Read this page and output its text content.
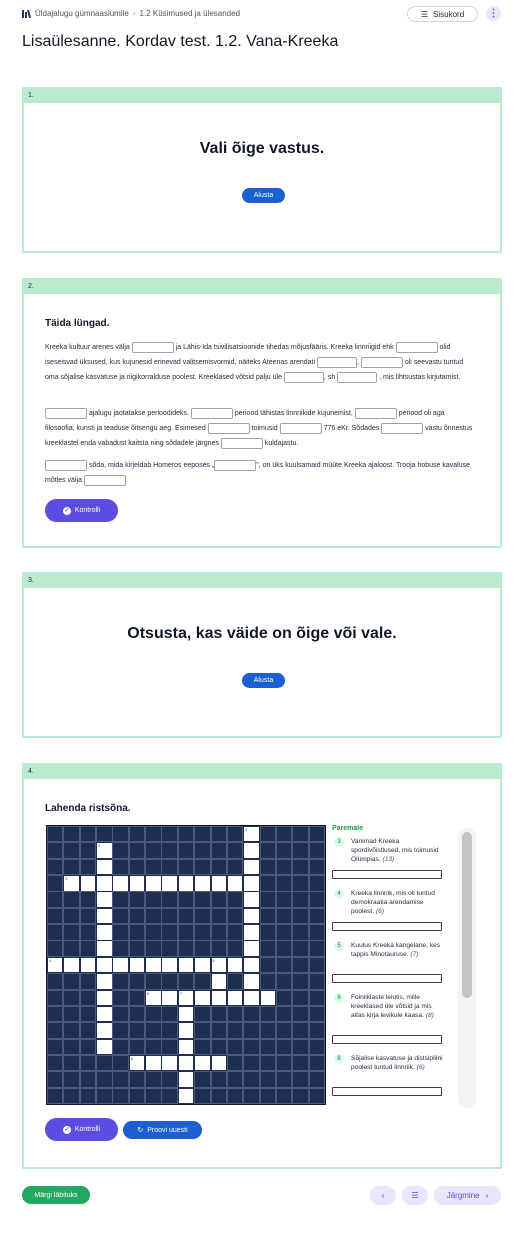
Üldajalugu gümnaasiumile › 1.2 Küsimused ja ülesanded	☰ Sisukord ⋮
Lisaülesanne. Kordav test. 1.2. Vana-Kreeka
1.
Vali õige vastus.
Alusta
2.
Täida lüngad.
Kreeka kultuur arenes välja	ja Lähis-Ida tsivilisatsioonide tihedas mõjusfääris. Kreeka linnriigid ehk	olid iseseisvad üksused, kus kujunesid erinevad valitsemisvormid, näiteks Ateenas arendati	,	oli seevastu tuntud oma sõjalise kasvatuse ja riigikorralduse poolest. Kreeklased võtsid palju üle	, sh	, mis lihtsustas kirjutamist.
ajalugu jaotatakse perioodideks.	periood tähistas linnriikide kujunemist,	periood oli aga filosoofia, kunsti ja teaduse õitsengu aeg. Esimesed	toimusid	776 eKr. Sõdades	vastu õnnestus kreeklastel enda vabadust kaitsta ning sõdadele järgnes	kuldajastu.
sõda, mida kirjeldab Homeros eeposes „	", on üks kuulsamaid müüte Kreeka ajaloost. Trooja hobuse kavaluse mõtles välja	.
✓ Kontrolli
3.
Otsusta, kas väide on õige või vale.
Alusta
4.
Lahenda ristsõna.
1
2
3
4	5
6	7
8
Paremale
3	Vanimad Kreeka spordivõistlused, mis toimusid Olümpias. (13)
4	Kreeka linnriik, mis oli tuntud demokraatia arendamise poolest. (6)
5	Kuulus Kreeka kangelane, kes tappis Minotauruse. (7)
6	Foiniiklaste leiutis, mille kreeklased üle võtsid ja mis aitas kirja levikule kaasa. (8)
8	Sõjalise kasvatuse ja distsipliini poolest tuntud linnriik. (6)
✓ Kontrolli	↻ Proovi uuesti
Märgi läbituks	‹	☰	Järgmine ›
